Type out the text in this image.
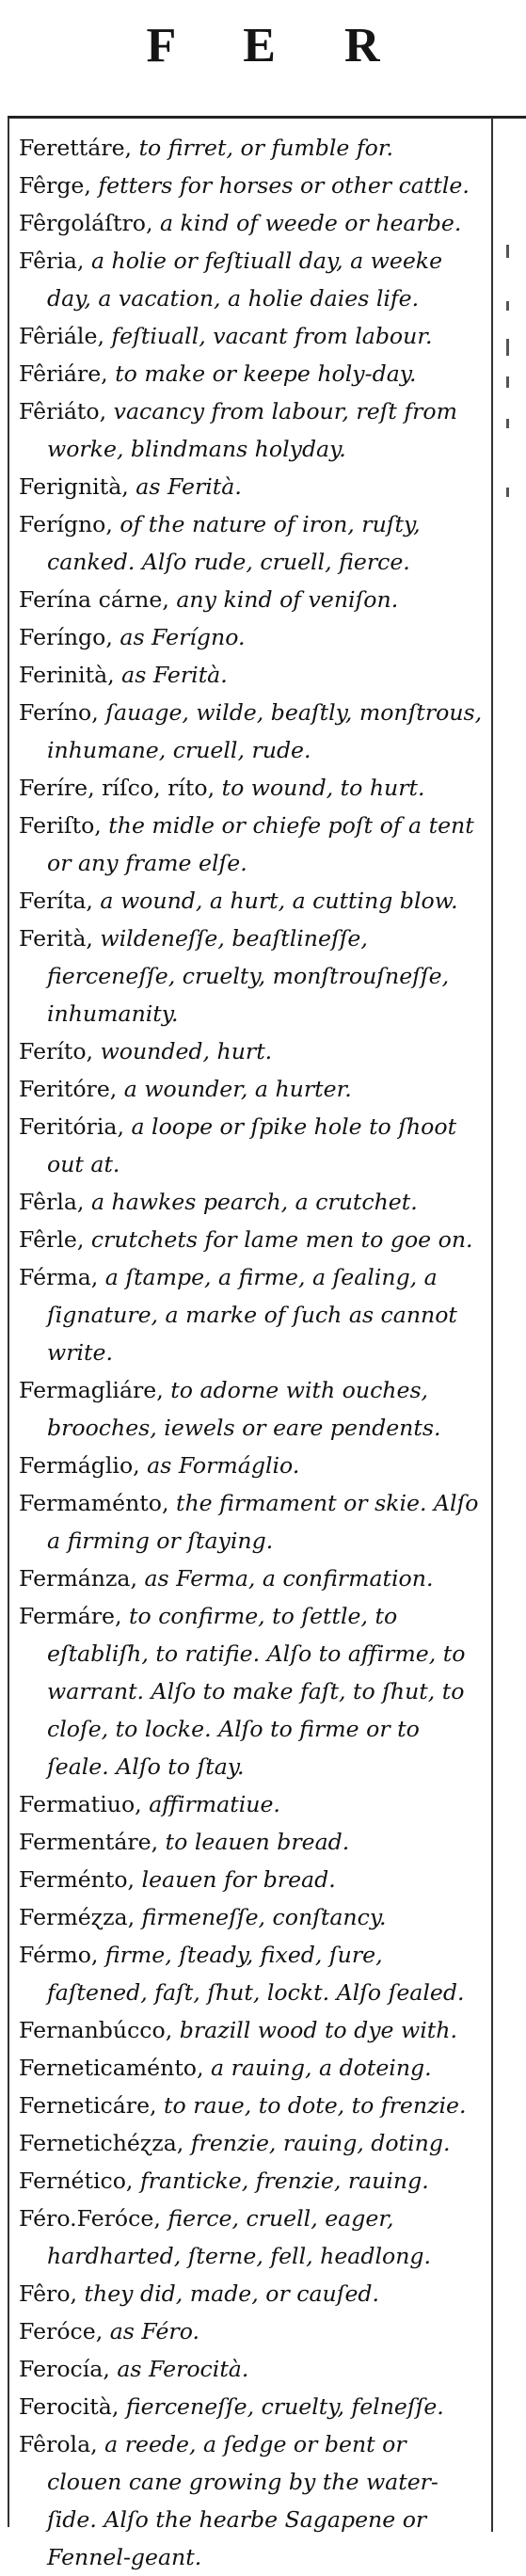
F E R
Ferettáre, to firret, or fumble for.
Fêrge, fetters for horses or other cattle.
Fêrgoláſtro, a kind of weede or hearbe.
Fêria, a holie or feſtiuall day, a weeke day, a vacation, a holie daies life.
Fêriále, feſtiuall, vacant from labour.
Fêriáre, to make or keepe holy-day.
Fêriáto, vacancy from labour, reſt from worke, blindmans holyday.
Ferignità, as Ferità.
Ferígno, of the nature of iron, ruſty, canked. Alſo rude, cruell, fierce.
Ferína cárne, any kind of veniſon.
Feríngo, as Ferígno.
Ferinità, as Ferità.
Feríno, ſauage, wilde, beaſtly, monſtrous, inhumane, cruell, rude.
Feríre, ríſco, ríto, to wound, to hurt.
Feriſto, the midle or chiefe poſt of a tent or any frame elſe.
Feríta, a wound, a hurt, a cutting blow.
Ferità, wildeneſſe, beaſtlineſſe, fierceneſſe, cruelty, monſtrouſneſſe, inhumanity.
Feríto, wounded, hurt.
Feritóre, a wounder, a hurter.
Feritória, a loope or ſpike hole to ſhoot out at.
Fêrla, a hawkes pearch, a crutchet.
Fêrle, crutchets for lame men to goe on.
Férma, a ſtampe, a firme, a ſealing, a ſignature, a marke of ſuch as cannot write.
Fermagliáre, to adorne with ouches, brooches, iewels or eare pendents.
Fermáglio, as Formáglio.
Fermaménto, the firmament or skie. Alſo a firming or ſtaying.
Fermánza, as Ferma, a confirmation.
Fermáre, to confirme, to ſettle, to eſtabliſh, to ratifie. Alſo to affirme, to warrant. Alſo to make faſt, to ſhut, to cloſe, to locke. Alſo to firme or to ſeale. Alſo to ſtay.
Fermatiuo, affirmatiue.
Fermentáre, to leauen bread.
Ferménto, leauen for bread.
Ferméɀza, firmeneſſe, conſtancy.
Férmo, firme, ſteady, fixed, ſure, faſtened, faſt, ſhut, lockt. Alſo ſealed.
Fernanbúcco, brazill wood to dye with.
Ferneticaménto, a rauing, a doteing.
Ferneticáre, to raue, to dote, to frenzie.
Fernetichéɀza, frenzie, rauing, doting.
Fernético, franticke, frenzie, rauing.
Féro.Feróce, fierce, cruell, eager, hardharted, ſterne, fell, headlong.
Fêro, they did, made, or cauſed.
Feróce, as Féro.
Ferocía, as Ferocità.
Ferocità, fierceneſſe, cruelty, felneſſe.
Fêrola, a reede, a ſedge or bent or clouen cane growing by the water-ſide. Alſo the hearbe Sagapene or Fennel-geant.
